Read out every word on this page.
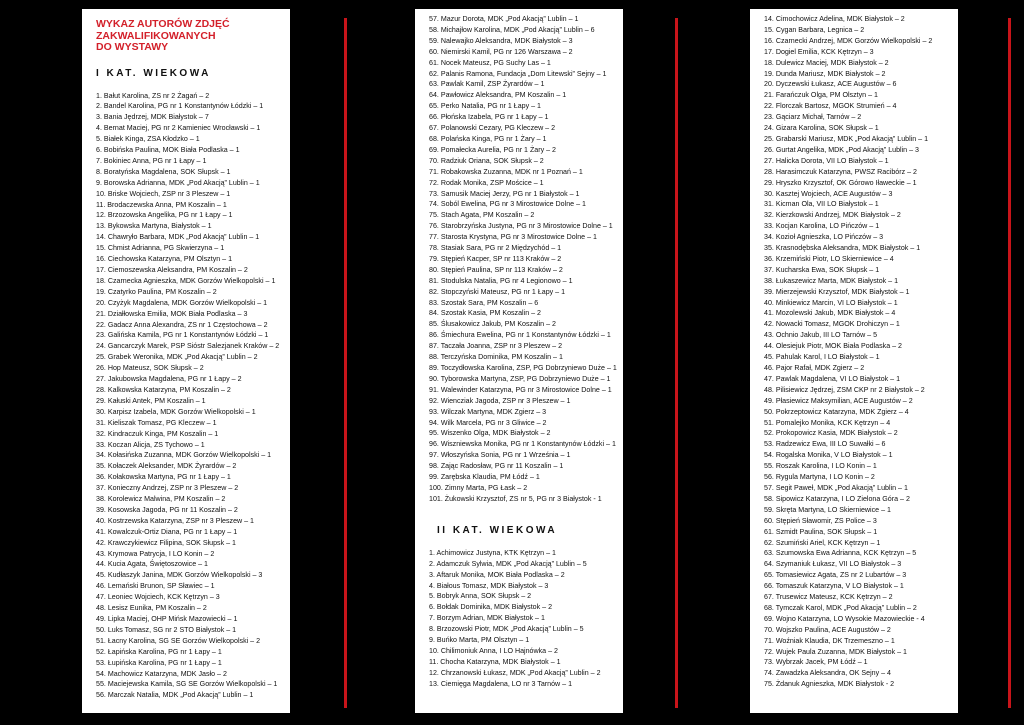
WYKAZ AUTORÓW ZDJĘĆ
ZAKWALIFIKOWANYCH
DO WYSTAWY
I KAT. WIEKOWA
1. Bałut Karolina, ZS nr 2 Żagań – 2
2. Bandel Karolina, PG nr 1 Konstantynów Łódzki – 1
3. Bania Jędrzej, MDK Białystok – 7
4. Bernat Maciej, PG nr 2 Kamieniec Wrocławski – 1
5. Białek Kinga, ZSA Kłodzko – 1
6. Bobińska Paulina, MOK Biała Podlaska – 1
7. Bokiniec Anna, PG nr 1 Łapy – 1
8. Boratyńska Magdalena, SOK Słupsk – 1
9. Borowska Adrianna, MDK „Pod Akacją” Lublin – 1
10. Briske Wojciech, ZSP nr 3 Pleszew – 1
11. Brodaczewska Anna, PM Koszalin – 1
12. Brzozowska Angelika, PG nr 1 Łapy – 1
13. Bykowska Martyna, Białystok – 1
14. Chawryło Barbara, MDK „Pod Akacją” Lublin – 1
15. Chmist Adrianna, PG Skwierzyna – 1
16. Ciechowska Katarzyna, PM Olsztyn – 1
17. Ciemoszewska Aleksandra, PM Koszalin – 2
18. Czarnecka Agnieszka, MDK Gorzów Wielkopolski – 1
19. Czatyrko Paulina, PM Koszalin – 2
20. Czyżyk Magdalena, MDK Gorzów Wielkopolski – 1
21. Działłowska Emilia, MOK Biała Podlaska – 3
22. Gadacz Anna Alexandra, ZS nr 1 Częstochowa – 2
23. Galińska Kamila, PG nr 1 Konstantynów Łódzki – 1
24. Gancarczyk Marek, PSP Sióstr Salezjanek Kraków – 2
25. Grabek Weronika, MDK „Pod Akacją” Lublin – 2
26. Hop Mateusz, SOK Słupsk – 2
27. Jakubowska Magdalena, PG nr 1 Łapy – 2
28. Kalkowska Katarzyna, PM Koszalin – 2
29. Kałuski Antek, PM Koszalin – 1
30. Karpisz Izabela, MDK Gorzów Wielkopolski – 1
31. Kieliszak Tomasz, PG Kleczew – 1
32. Kindraczuk Kinga, PM Koszalin – 1
33. Koczan Alicja, ZS Tychowo – 1
34. Kołasińska Zuzanna, MDK Gorzów Wielkopolski – 1
35. Kołaczek Aleksander, MDK Żyrardów – 2
36. Kołakowska Martyna, PG nr 1 Łapy – 1
37. Konieczny Andrzej, ZSP nr 3 Pleszew – 2
38. Korolewicz Malwina, PM Koszalin – 2
39. Kosowska Jagoda, PG nr 11 Koszalin – 2
40. Kostrzewska Katarzyna, ZSP nr 3 Pleszew – 1
41. Kowalczuk-Ortiz Diana, PG nr 1 Łapy – 1
42. Krawczykiewicz Filipina, SOK Słupsk – 1
43. Krymowa Patrycja, I LO Konin – 2
44. Kucia Agata, Świętoszowice – 1
45. Kudłaszyk Janina, MDK Gorzów Wielkopolski – 3
46. Lemański Brunon, SP Sławiec – 1
47. Leoniec Wojciech, KCK Kętrzyn – 3
48. Lesisz Eunika, PM Koszalin – 2
49. Lipka Maciej, OHP Mińsk Mazowiecki – 1
50. Luks Tomasz, SG nr 2 STO Białystok – 1
51. Łacny Karolina, SG SE Gorzów Wielkopolski – 2
52. Łapińska Karolina, PG nr 1 Łapy – 1
53. Łupińska Karolina, PG nr 1 Łapy – 1
54. Machowicz Katarzyna, MDK Jasło – 2
55. Maciejewska Kamila, SG SE Gorzów Wielkopolski – 1
56. Marczak Natalia, MDK „Pod Akacją” Lublin – 1
57. Mazur Dorota, MDK „Pod Akacją” Lublin – 1
58. Michajłow Karolina, MDK „Pod Akacją” Lublin – 6
59. Nalewajko Aleksandra, MDK Białystok – 3
60. Niemirski Kamil, PG nr 126 Warszawa – 2
61. Nocek Mateusz, PG Suchy Las – 1
62. Palanis Ramona, Fundacja „Dom Litewski” Sejny – 1
63. Pawlak Kamil, ZSP Żyrardów – 1
64. Pawłowicz Aleksandra, PM Koszalin – 1
65. Perko Natalia, PG nr 1 Łapy – 1
66. Płońska Izabela, PG nr 1 Łapy – 1
67. Polanowski Cezary, PG Kleczew – 2
68. Polańska Kinga, PG nr 1 Żary – 1
69. Pomałecka Aurelia, PG nr 1 Żary – 2
70. Radziuk Oriana, SOK Słupsk – 2
71. Robakowska Zuzanna, MDK nr 1 Poznań – 1
72. Rodak Monika, ZSP Mościce – 1
73. Samusik Maciej Jerzy, PG nr 1 Białystok – 1
74. Soból Ewelina, PG nr 3 Mirostowice Dolne – 1
75. Stach Agata, PM Koszalin – 2
76. Starobrzyńska Justyna, PG nr 3 Mirostowice Dolne – 1
77. Starosta Krystyna, PG nr 3 Mirostowice Dolne – 1
78. Stasiak Sara, PG nr 2 Międzychód – 1
79. Stępień Kacper, SP nr 113 Kraków – 2
80. Stępień Paulina, SP nr 113 Kraków – 2
81. Stodulska Natalia, PG nr 4 Legionowo – 1
82. Stopczyński Mateusz, PG nr 1 Łapy – 1
83. Szostak Sara, PM Koszalin – 6
84. Szostak Kasia, PM Koszalin – 2
85. Ślusakowicz Jakub, PM Koszalin – 2
86. Śmiechura Ewelina, PG nr 1 Konstantynów Łódzki – 1
87. Taczała Joanna, ZSP nr 3 Pleszew – 2
88. Terczyńska Dominika, PM Koszalin – 1
89. Toczydłowska Karolina, ZSP, PG Dobrzyniewo Duże – 1
90. Tyborowska Martyna, ZSP, PG Dobrzyniewo Duże – 1
91. Walewinder Katarzyna, PG nr 3 Mirostowice Dolne – 1
92. Wiencziak Jagoda, ZSP nr 3 Pleszew – 1
93. Wilczak Martyna, MDK Zgierz – 3
94. Wilk Marcela, PG nr 3 Gliwice – 2
95. Wiszenko Olga, MDK Białystok – 2
96. Wiszniewska Monika, PG nr 1 Konstantynów Łódzki – 1
97. Włoszyńska Sonia, PG nr 1 Września – 1
98. Zając Radosław, PG nr 11 Koszalin – 1
99. Zarębska Klaudia, PM Łódź – 1
100. Zimny Marta, PG Łask – 2
101. Żukowski Krzysztof, ZS nr 5, PG nr 3 Białystok - 1
II KAT. WIEKOWA
1. Achimowicz Justyna, KTK Kętrzyn – 1
2. Adamczuk Sylwia, MDK „Pod Akacją” Lublin – 5
3. Aftaruk Monika, MOK Biała Podlaska – 2
4. Białous Tomasz, MDK Białystok – 3
5. Bobryk Anna, SOK Słupsk – 2
6. Bołdak Dominika, MDK Białystok – 2
7. Borzym Adrian, MDK Białystok – 1
8. Brzozowski Piotr, MDK „Pod Akacją” Lublin – 5
9. Buńko Marta, PM Olsztyn – 1
10. Chilimoniuk Anna, I LO Hajnówka – 2
11. Chocha Katarzyna, MDK Białystok – 1
12. Chrzanowski Łukasz, MDK „Pod Akacją” Lublin – 2
13. Ciemięga Magdalena, LO nr 3 Tarnów – 1
14. Cimochowicz Adelina, MDK Białystok – 2
15. Cygan Barbara, Legnica – 2
16. Czarnecki Andrzej, MDK Gorzów Wielkopolski – 2
17. Dogiel Emilia, KCK Kętrzyn – 3
18. Dulewicz Maciej, MDK Białystok – 2
19. Dunda Mariusz, MDK Białystok – 2
20. Dyczewski Łukasz, ACE Augustów – 6
21. Farańczuk Olga, PM Olsztyn – 1
22. Florczak Bartosz, MGOK Strumień – 4
23. Gąciarz Michał, Tarnów – 2
24. Gizara Karolina, SOK Słupsk – 1
25. Grabarski Mariusz, MDK „Pod Akacją” Lublin – 1
26. Gurtat Angelika, MDK „Pod Akacją” Lublin – 3
27. Halicka Dorota, VII LO Białystok – 1
28. Harasimczuk Katarzyna, PWSZ Racibórz – 2
29. Hryszko Krzysztof, OK Górowo Iławeckie – 1
30. Kasztej Wojciech, ACE Augustów – 3
31. Kicman Ola, VII LO Białystok – 1
32. Kierzkowski Andrzej, MDK Białystok – 2
33. Kocjan Karolina, LO Pińczów – 1
34. Kozioł Agnieszka, LO Pińczów – 3
35. Krasnodębska Aleksandra, MDK Białystok – 1
36. Krzemiński Piotr, LO Skierniewice – 4
37. Kucharska Ewa, SOK Słupsk – 1
38. Łukaszewicz Marta, MDK Białystok – 1
39. Mierzejewski Krzysztof, MDK Białystok – 1
40. Minkiewicz Marcin, VI LO Białystok – 1
41. Mozolewski Jakub, MDK Białystok – 4
42. Nowacki Tomasz, MGOK Drohiczyn – 1
43. Ochnio Jakub, III LO Tarnów – 5
44. Olesiejuk Piotr, MOK Biała Podlaska – 2
45. Pahulak Karol, I LO Białystok – 1
46. Pajor Rafał, MDK Zgierz – 2
47. Pawlak Magdalena, VI LO Białystok – 1
48. Pilisiewicz Jędrzej, ZSM CKP nr 2 Białystok – 2
49. Płasiewicz Maksymilian, ACE Augustów – 2
50. Pokrzeptowicz Katarzyna, MDK Zgierz – 4
51. Pomalejko Monika, KCK Kętrzyn – 4
52. Prokopowicz Kasia, MDK Białystok – 2
53. Radzewicz Ewa, III LO Suwałki – 6
54. Rogalska Monika, V LO Białystok – 1
55. Roszak Karolina, I LO Konin – 1
56. Rygula Martyna, I LO Konin – 2
57. Segit Paweł, MDK „Pod Akacją” Lublin – 1
58. Sipowicz Katarzyna, I LO Zielona Góra – 2
59. Skręta Martyna, LO Skierniewice – 1
60. Stępień Sławomir, ZS Police – 3
61. Szmidt Paulina, SOK Słupsk – 1
62. Szumiński Ariel, KCK Kętrzyn – 1
63. Szumowska Ewa Adrianna, KCK Kętrzyn – 5
64. Szymaniuk Łukasz, VII LO Białystok – 3
65. Tomasiewicz Agata, ZS nr 2 Lubartów – 3
66. Tomaszuk Katarzyna, V LO Białystok – 1
67. Trusewicz Mateusz, KCK Kętrzyn – 2
68. Tymczak Karol, MDK „Pod Akacją” Lublin – 2
69. Wojno Katarzyna, LO Wysokie Mazowieckie - 4
70. Wojszko Paulina, ACE Augustów – 2
71. Woźniak Klaudia, DK Trzemeszno – 1
72. Wujek Paula Zuzanna, MDK Białystok – 1
73. Wybrzak Jacek, PM Łódź – 1
74. Zawadzka Aleksandra, OK Sejny – 4
75. Żdanuk Agnieszka, MDK Białystok - 2
